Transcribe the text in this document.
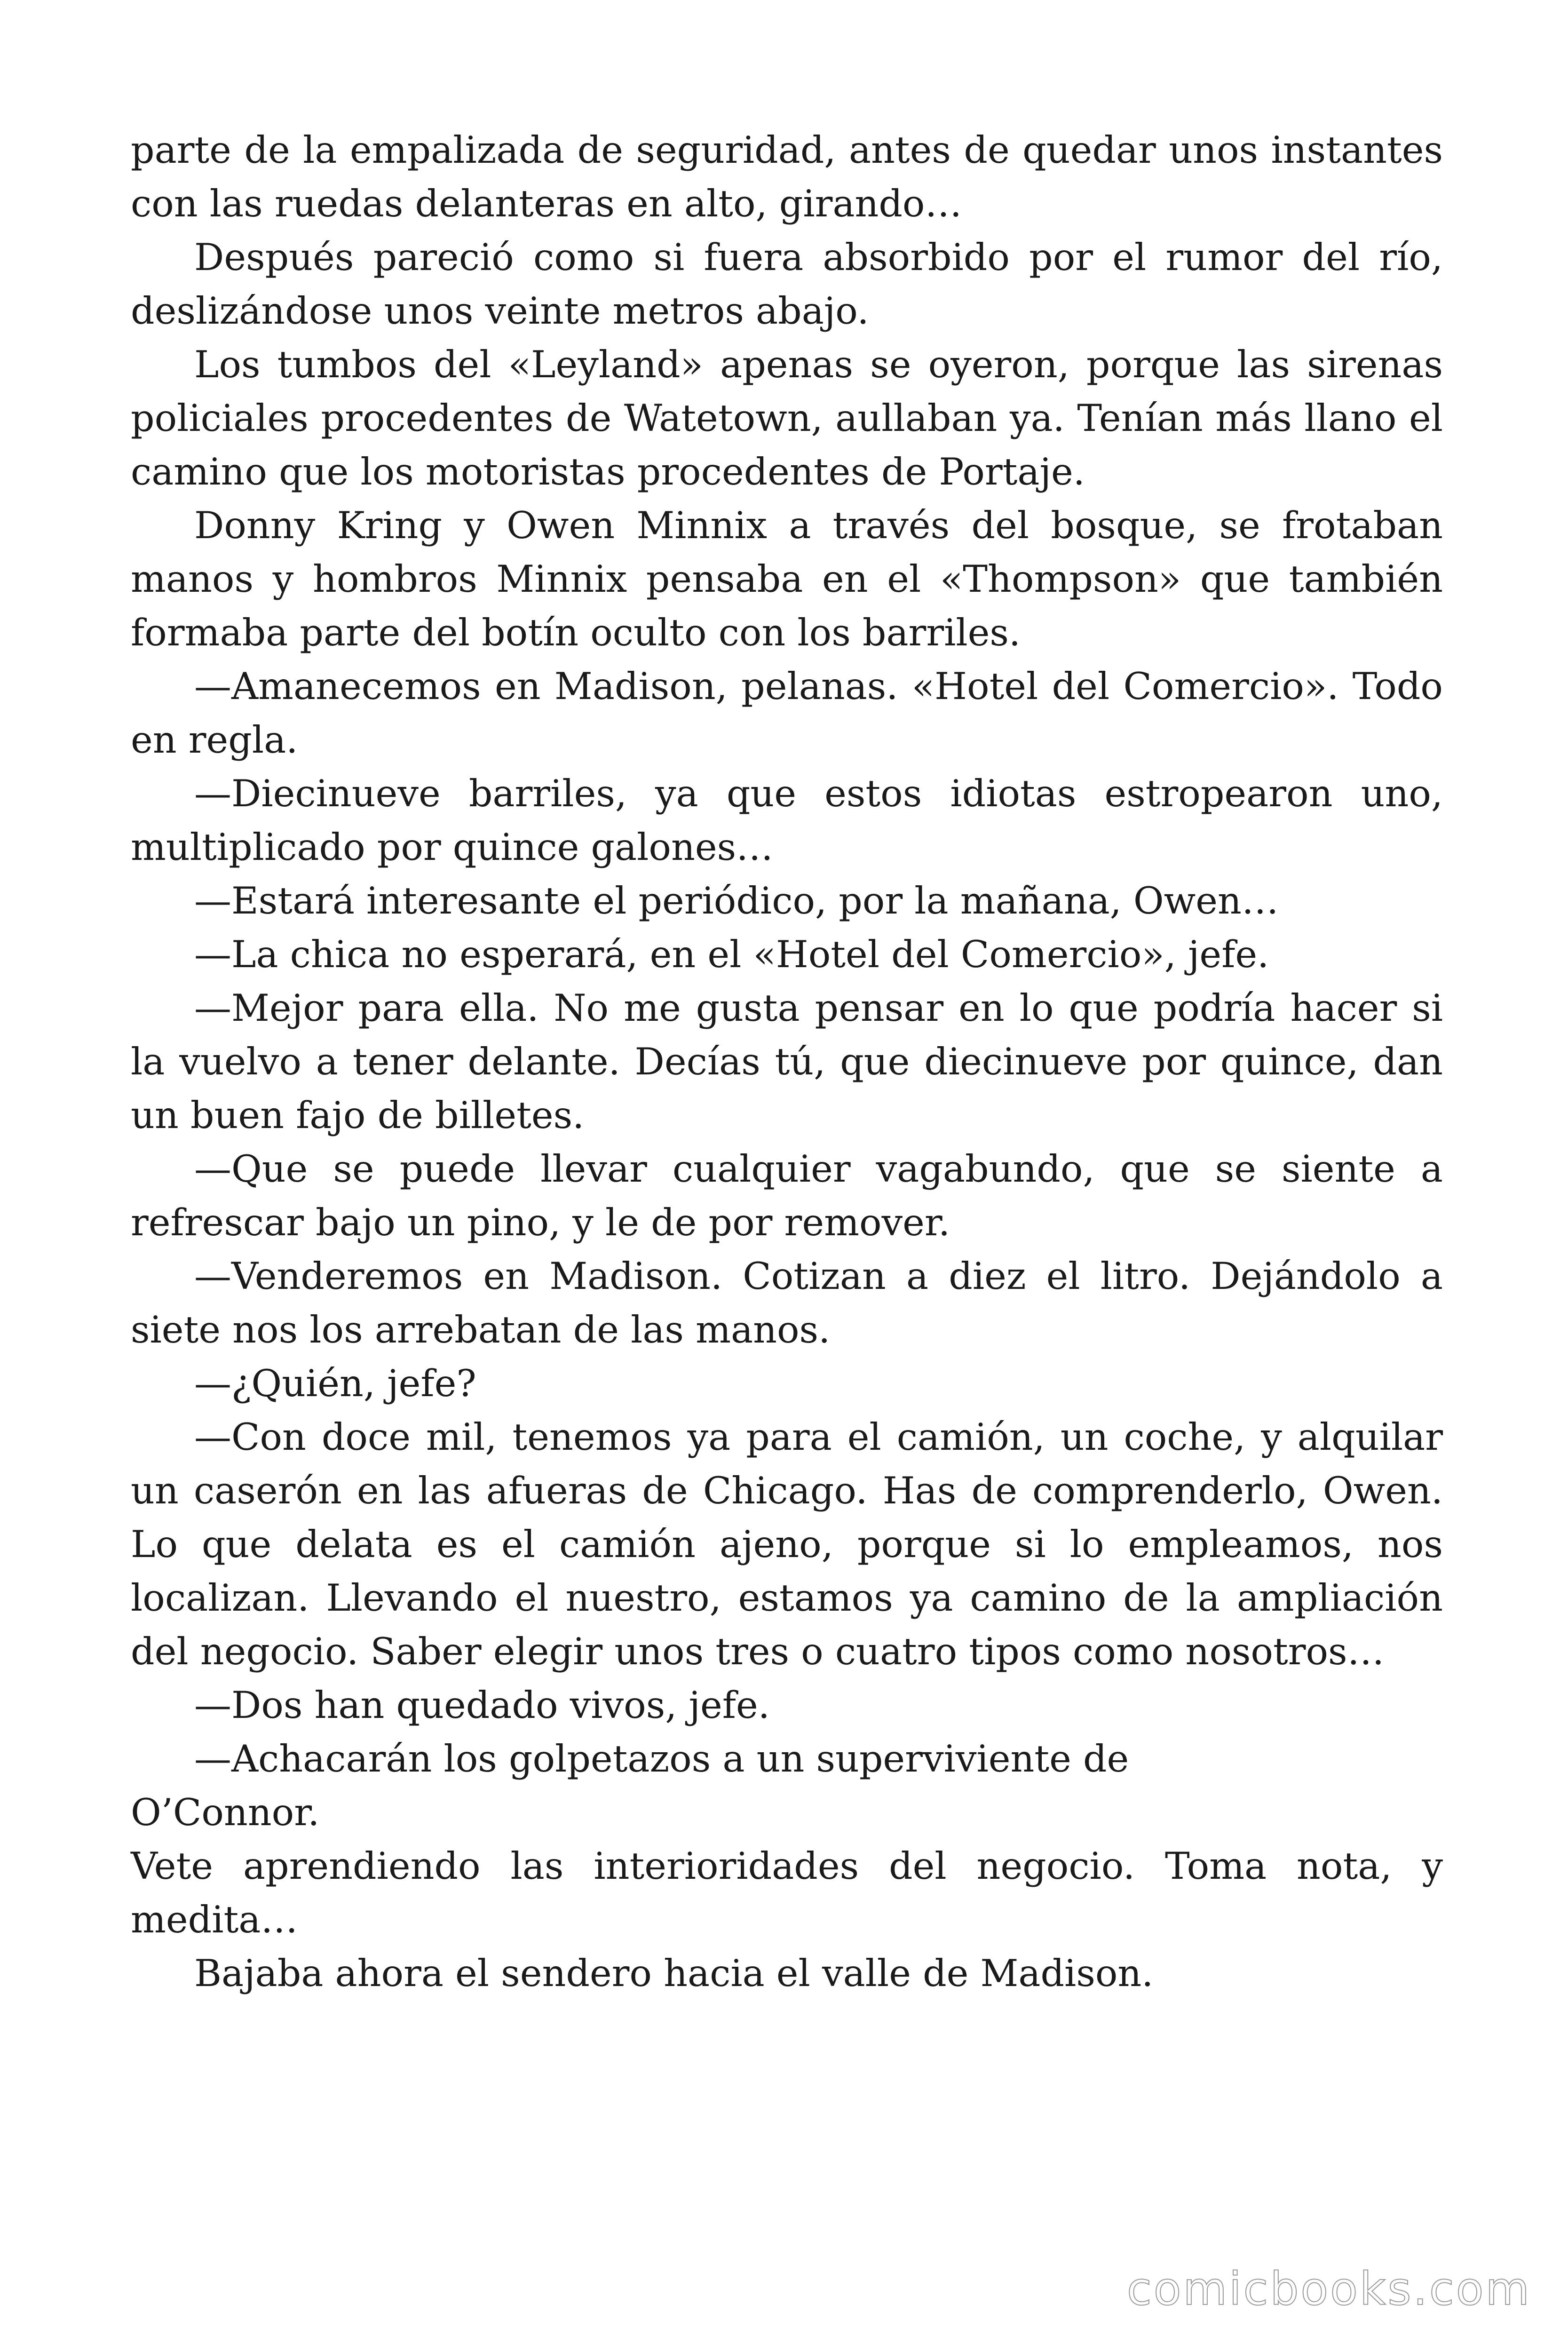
parte de la empalizada de seguridad, antes de quedar unos instantes con las ruedas delanteras en alto, girando…

Después pareció como si fuera absorbido por el rumor del río, deslizándose unos veinte metros abajo.

Los tumbos del «Leyland» apenas se oyeron, porque las sirenas policiales procedentes de Watetown, aullaban ya. Tenían más llano el camino que los motoristas procedentes de Portaje.

Donny Kring y Owen Minnix a través del bosque, se frotaban manos y hombros Minnix pensaba en el «Thompson» que también formaba parte del botín oculto con los barriles.

—Amanecemos en Madison, pelanas. «Hotel del Comercio». Todo en regla.

—Diecinueve barriles, ya que estos idiotas estropearon uno, multiplicado por quince galones…

—Estará interesante el periódico, por la mañana, Owen…

—La chica no esperará, en el «Hotel del Comercio», jefe.

—Mejor para ella. No me gusta pensar en lo que podría hacer si la vuelvo a tener delante. Decías tú, que diecinueve por quince, dan un buen fajo de billetes.

—Que se puede llevar cualquier vagabundo, que se siente a refrescar bajo un pino, y le de por remover.

—Venderemos en Madison. Cotizan a diez el litro. Dejándolo a siete nos los arrebatan de las manos.

—¿Quién, jefe?

—Con doce mil, tenemos ya para el camión, un coche, y alquilar un caserón en las afueras de Chicago. Has de comprenderlo, Owen. Lo que delata es el camión ajeno, porque si lo empleamos, nos localizan. Llevando el nuestro, estamos ya camino de la ampliación del negocio. Saber elegir unos tres o cuatro tipos como nosotros…

—Dos han quedado vivos, jefe.

—Achacarán los golpetazos a un superviviente de

O’Connor.

Vete aprendiendo las interioridades del negocio. Toma nota, y medita…

Bajaba ahora el sendero hacia el valle de Madison.

comicbooks.com
